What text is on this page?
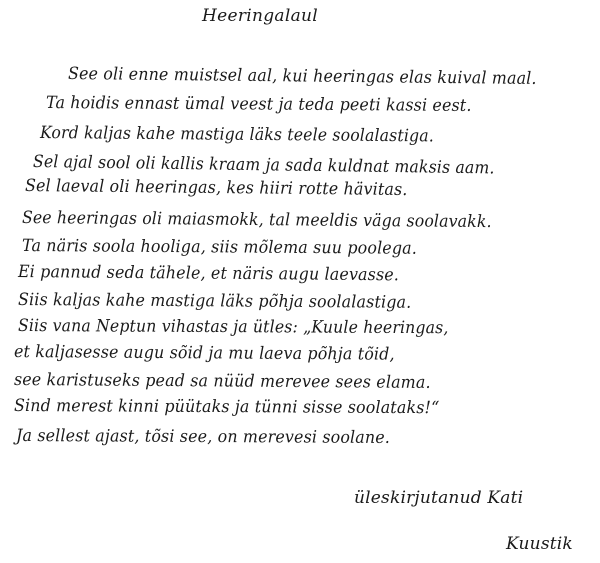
Heeringalaul
See oli enne muistsel aal, kui heeringas elas kuival maal.
Ta hoidis ennast ümal veest ja teda peeti kassi eest.
Kord kaljas kahe mastiga läks teele soolalastiga.
Sel ajal sool oli kallis kraam ja sada kuldnat maksis aam.
Sel laeval oli heeringas, kes hiiri rotte hävitas.
See heeringas oli maiasmokk, tal meeldis väga soolavakk.
Ta näris soola hooliga, siis mõlema suu poolega.
Ei pannud seda tähele, et näris augu laevasse.
Siis kaljas kahe mastiga läks põhja soolalastiga.
Siis vana Neptun vihastas ja ütles: „Kuule heeringas,
et kaljasesse augu sõid ja mu laeva põhja tõid,
see karistuseks pead sa nüüd merevee sees elama.
Sind merest kinni püütaks ja tünni sisse soolataks!“
Ja sellest ajast, tõsi see, on merevesi soolane.
üleskirjutanud Kati
Kuustik
